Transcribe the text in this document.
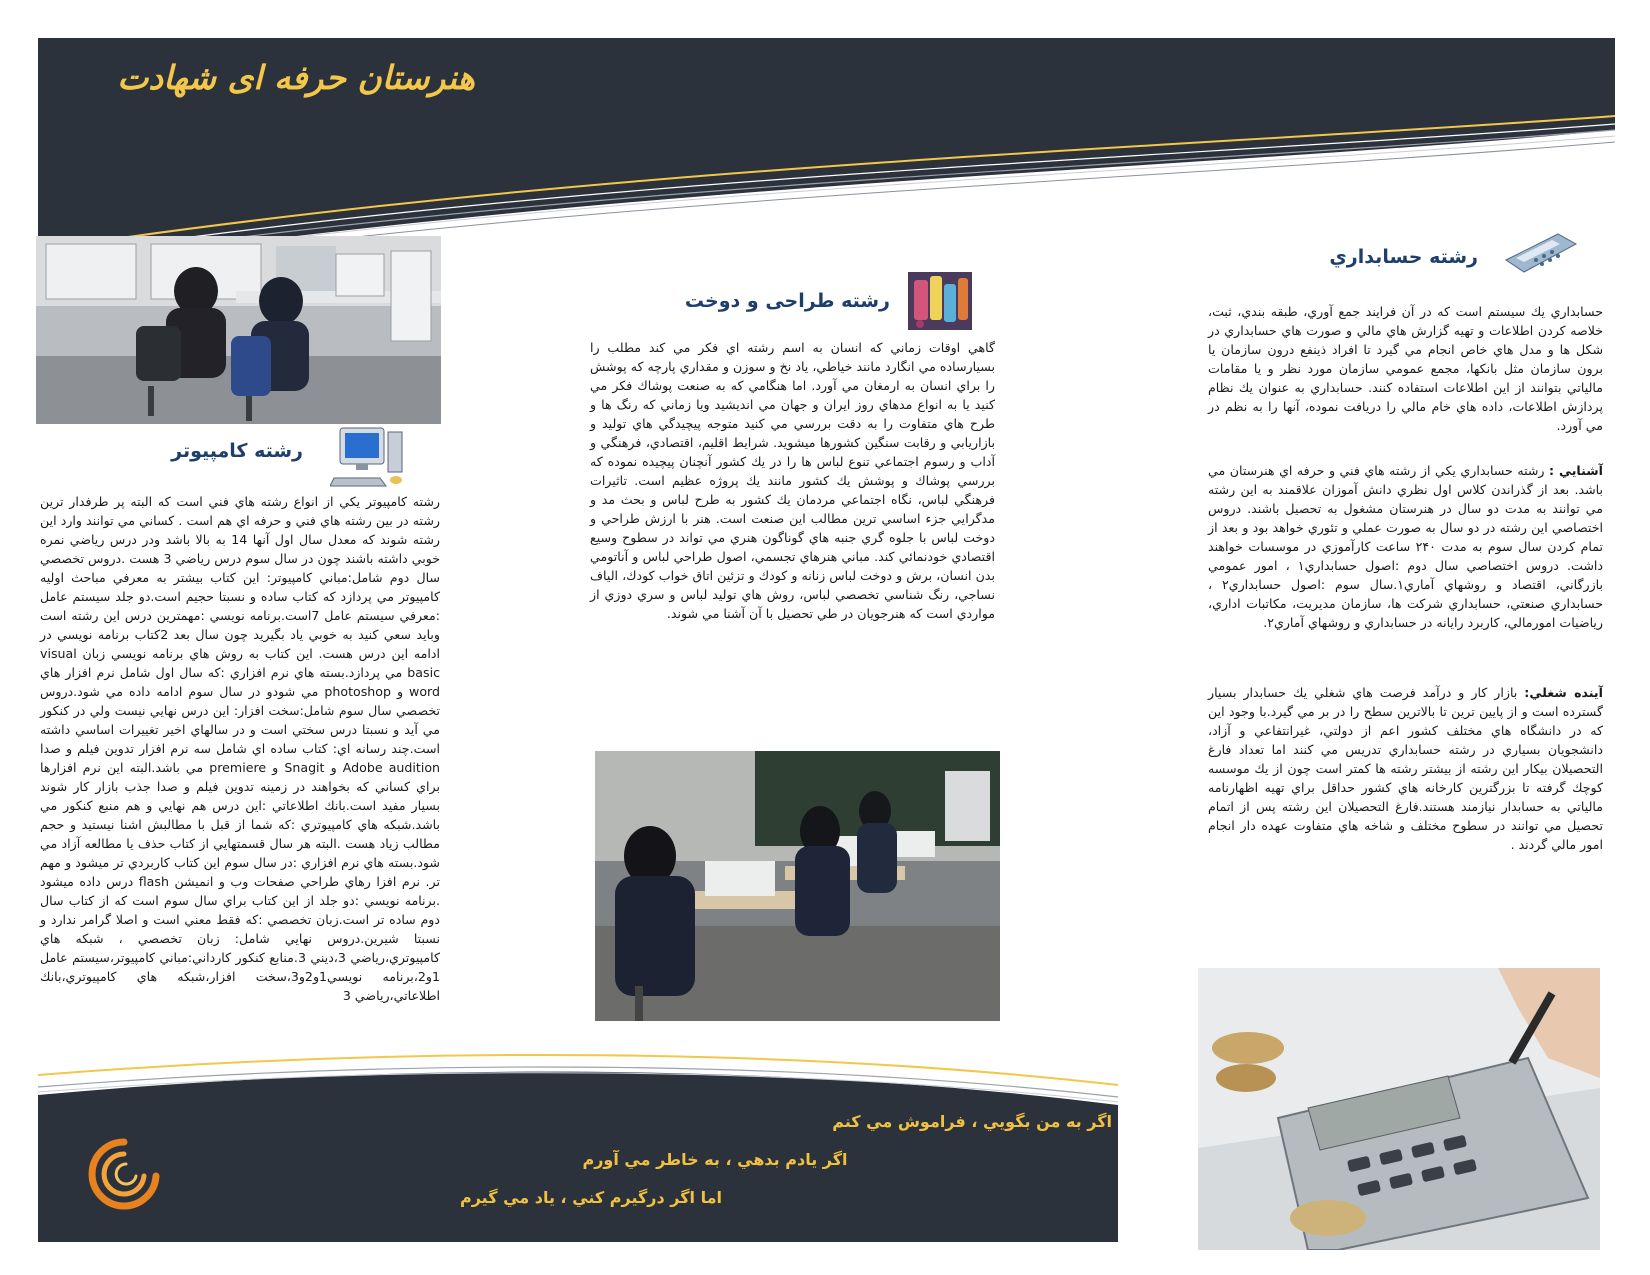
هنرستان حرفه ای شهادت
رشته کامپیوتر
رشته كامپيوتر يكي از انواع رشته هاي فني است كه البته پر طرفدار ترين رشته در بين رشته هاي فني و حرفه اي هم است . كساني مي توانند وارد اين رشته شوند كه معدل سال اول آنها 14 به بالا باشد ودر درس رياضي نمره خوبي داشته باشند چون در سال سوم درس رياضي 3 هست .دروس تخصصي سال دوم شامل:مباني كامپيوتر: اين كتاب بيشتر به معرفي مباحث اوليه كامپيوتر مي پردازد كه كتاب ساده و نسبتا حجيم است.دو جلد سيستم عامل :معرفي سيستم عامل 7است.برنامه نويسي :مهمترين درس اين رشته است وبايد سعي كنيد به خوبي ياد بگيريد چون سال بعد 2كتاب برنامه نويسي در ادامه اين درس هست. اين كتاب به روش هاي برنامه نويسي زبان visual basic مي پردازد.بسته هاي نرم افزاري :كه سال اول شامل نرم افزار هاي word و photoshop مي شودو در سال سوم ادامه داده مي شود.دروس تخصصي سال سوم شامل:سخت افزار: اين درس نهايي نيست ولي در كنكور مي آيد و نسبتا درس سختي است و در سالهاي اخير تغييرات اساسي داشته است.چند رسانه اي: كتاب ساده اي شامل سه نرم افزار تدوين فيلم و صدا Adobe audition و Snagit و premiere مي باشد.البته اين نرم افزارها براي كساني كه بخواهند در زمينه تدوين فيلم و صدا جذب بازار كار شوند بسيار مفيد است.بانك اطلاعاتي :اين درس هم نهايي و هم منبع كنكور مي باشد.شبكه هاي كامپيوتري :كه شما از قبل با مطالبش اشنا نيستيد و حجم مطالب زياد هست .البته هر سال قسمتهايي از كتاب حذف يا مطالعه آزاد مي شود.بسته هاي نرم افزاري :در سال سوم اين كتاب كاربردي تر ميشود و مهم تر. نرم افزا رهاي طراحي صفحات وب و انميشن flash درس داده ميشود .برنامه نويسي :دو جلد از اين كتاب براي سال سوم است كه از كتاب سال دوم ساده تر است.زبان تخصصي :كه فقط معني است و اصلا گرامر ندارد و نسبتا شيرين.دروس نهايي شامل: زبان تخصصي ، شبكه هاي كامپيوتري،رياضي 3،ديني 3.منابع كنكور كارداني:مباني كامپيوتر،سيستم عامل 1و2،برنامه نويسي1و2و3،سخت افزار،شبكه هاي كامپيوتري،بانك اطلاعاتي،رياضي 3
رشته طراحی و دوخت
گاهي اوقات زماني كه انسان به اسم رشته اي فكر مي كند مطلب را بسيارساده مي انگارد مانند خياطي، ياد نخ و سوزن و مقداري پارچه كه پوشش را براي انسان به ارمغان مي آورد. اما هنگامي كه به صنعت پوشاك فكر مي كنيد يا به انواع مدهاي روز ايران و جهان مي انديشيد ويا زماني كه رنگ ها و طرح هاي متفاوت را به دقت بررسي مي كنيد متوجه پيچيدگي هاي توليد و بازاريابي و رقابت سنگين كشورها ميشويد. شرايط اقليم، اقتصادي، فرهنگي و آداب و رسوم اجتماعي تنوع لباس ها را در يك كشور آنچنان پيچيده نموده كه بررسي پوشاك و پوشش يك كشور مانند يك پروژه عظيم است. تاثيرات فرهنگي لباس، نگاه اجتماعي مردمان يك كشور به طرح لباس و بحث مد و مدگرايي جزء اساسي ترين مطالب اين صنعت است. هنر با ارزش طراحي و دوخت لباس با جلوه گري جنبه هاي گوناگون هنري مي تواند در سطوح وسيع اقتصادي خودنمائي كند. مباني هنرهاي تجسمي، اصول طراحي لباس و آناتومي بدن انسان، برش و دوخت لباس زنانه و كودك و تزئين اتاق خواب كودك، الياف نساجي، رنگ شناسي تخصصي لباس، روش هاي توليد لباس و سري دوزي از مواردي است كه هنرجويان در طي تحصيل با آن آشنا مي شوند.
رشته حسابداري
حسابداري يك سيستم است كه در آن فرايند جمع آوري، طبقه بندي، ثبت، خلاصه كردن اطلاعات و تهيه گزارش هاي مالي و صورت هاي حسابداري در شكل ها و مدل هاي خاص انجام مي گيرد تا افراد ذينفع درون سازمان يا برون سازمان مثل بانكها، مجمع عمومي سازمان مورد نظر و يا مقامات مالياتي بتوانند از اين اطلاعات استفاده كنند. حسابداري به عنوان يك نظام پردازش اطلاعات، داده هاي خام مالي را دريافت نموده، آنها را به نظم در مي آورد.
آشنايي : رشته حسابداري يكي از رشته هاي فني و حرفه اي هنرستان مي باشد. بعد از گذراندن كلاس اول نظري دانش آموزان علاقمند به اين رشته مي توانند به مدت دو سال در هنرستان مشغول به تحصيل باشند. دروس اختصاصي اين رشته در دو سال به صورت عملي و تئوري خواهد بود و بعد از تمام كردن سال سوم به مدت ۲۴۰ ساعت كارآموزي در موسسات خواهند داشت. دروس اختصاصي سال دوم :اصول حسابداري۱ ، امور عمومي بازرگاني، اقتصاد و روشهاي آماري۱.سال سوم :اصول حسابداري۲ ، حسابداري صنعتي، حسابداري شركت ها، سازمان مديريت، مكاتبات اداري، رياضيات امورمالي، كاربرد رايانه در حسابداري و روشهاي آماري۲.
آينده شغلي: بازار كار و درآمد فرصت هاي شغلي يك حسابدار بسيار گسترده است و از پايين ترين تا بالاترين سطح را در بر مي گيرد.با وجود اين كه در دانشگاه هاي مختلف كشور اعم از دولتي، غيرانتفاعي و آزاد، دانشجويان بسياري در رشته حسابداري تدريس مي كنند اما تعداد فارغ التحصيلان بيكار اين رشته از بيشتر رشته ها كمتر است چون از يك موسسه كوچك گرفته تا بزرگترين كارخانه هاي كشور حداقل براي تهيه اظهارنامه مالياتي به حسابدار نيازمند هستند.فارغ التحصيلان اين رشته پس از اتمام تحصيل مي توانند در سطوح مختلف و شاخه هاي متفاوت عهده دار انجام امور مالي گردند .
اگر به من بگويي ، فراموش مي كنم
اگر يادم بدهي ، به خاطر مي آورم
اما اگر درگيرم كني ، ياد مي گيرم
